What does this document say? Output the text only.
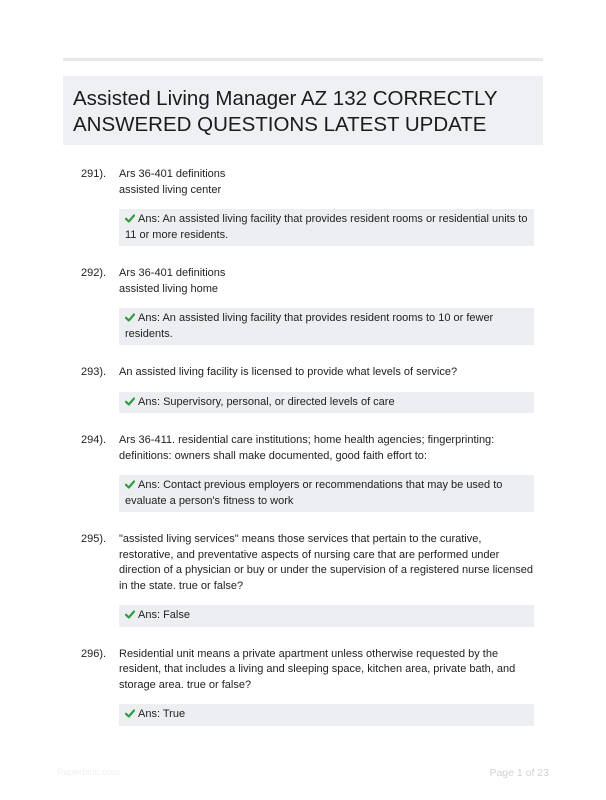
Assisted Living Manager AZ 132 CORRECTLY ANSWERED QUESTIONS LATEST UPDATE
291). Ars 36-401 definitions
assisted living center
Ans: An assisted living facility that provides resident rooms or residential units to 11 or more residents.
292). Ars 36-401 definitions
assisted living home
Ans: An assisted living facility that provides resident rooms to 10 or fewer residents.
293). An assisted living facility is licensed to provide what levels of service?
Ans: Supervisory, personal, or directed levels of care
294). Ars 36-411. residential care institutions; home health agencies; fingerprinting: definitions: owners shall make documented, good faith effort to:
Ans: Contact previous employers or recommendations that may be used to evaluate a person's fitness to work
295). "assisted living services" means those services that pertain to the curative, restorative, and preventative aspects of nursing care that are performed under direction of a physician or buy or under the supervision of a registered nurse licensed in the state. true or false?
Ans: False
296). Residential unit means a private apartment unless otherwise requested by the resident, that includes a living and sleeping space, kitchen area, private bath, and storage area. true or false?
Ans: True
Paperbitic.com	Page 1 of 23
